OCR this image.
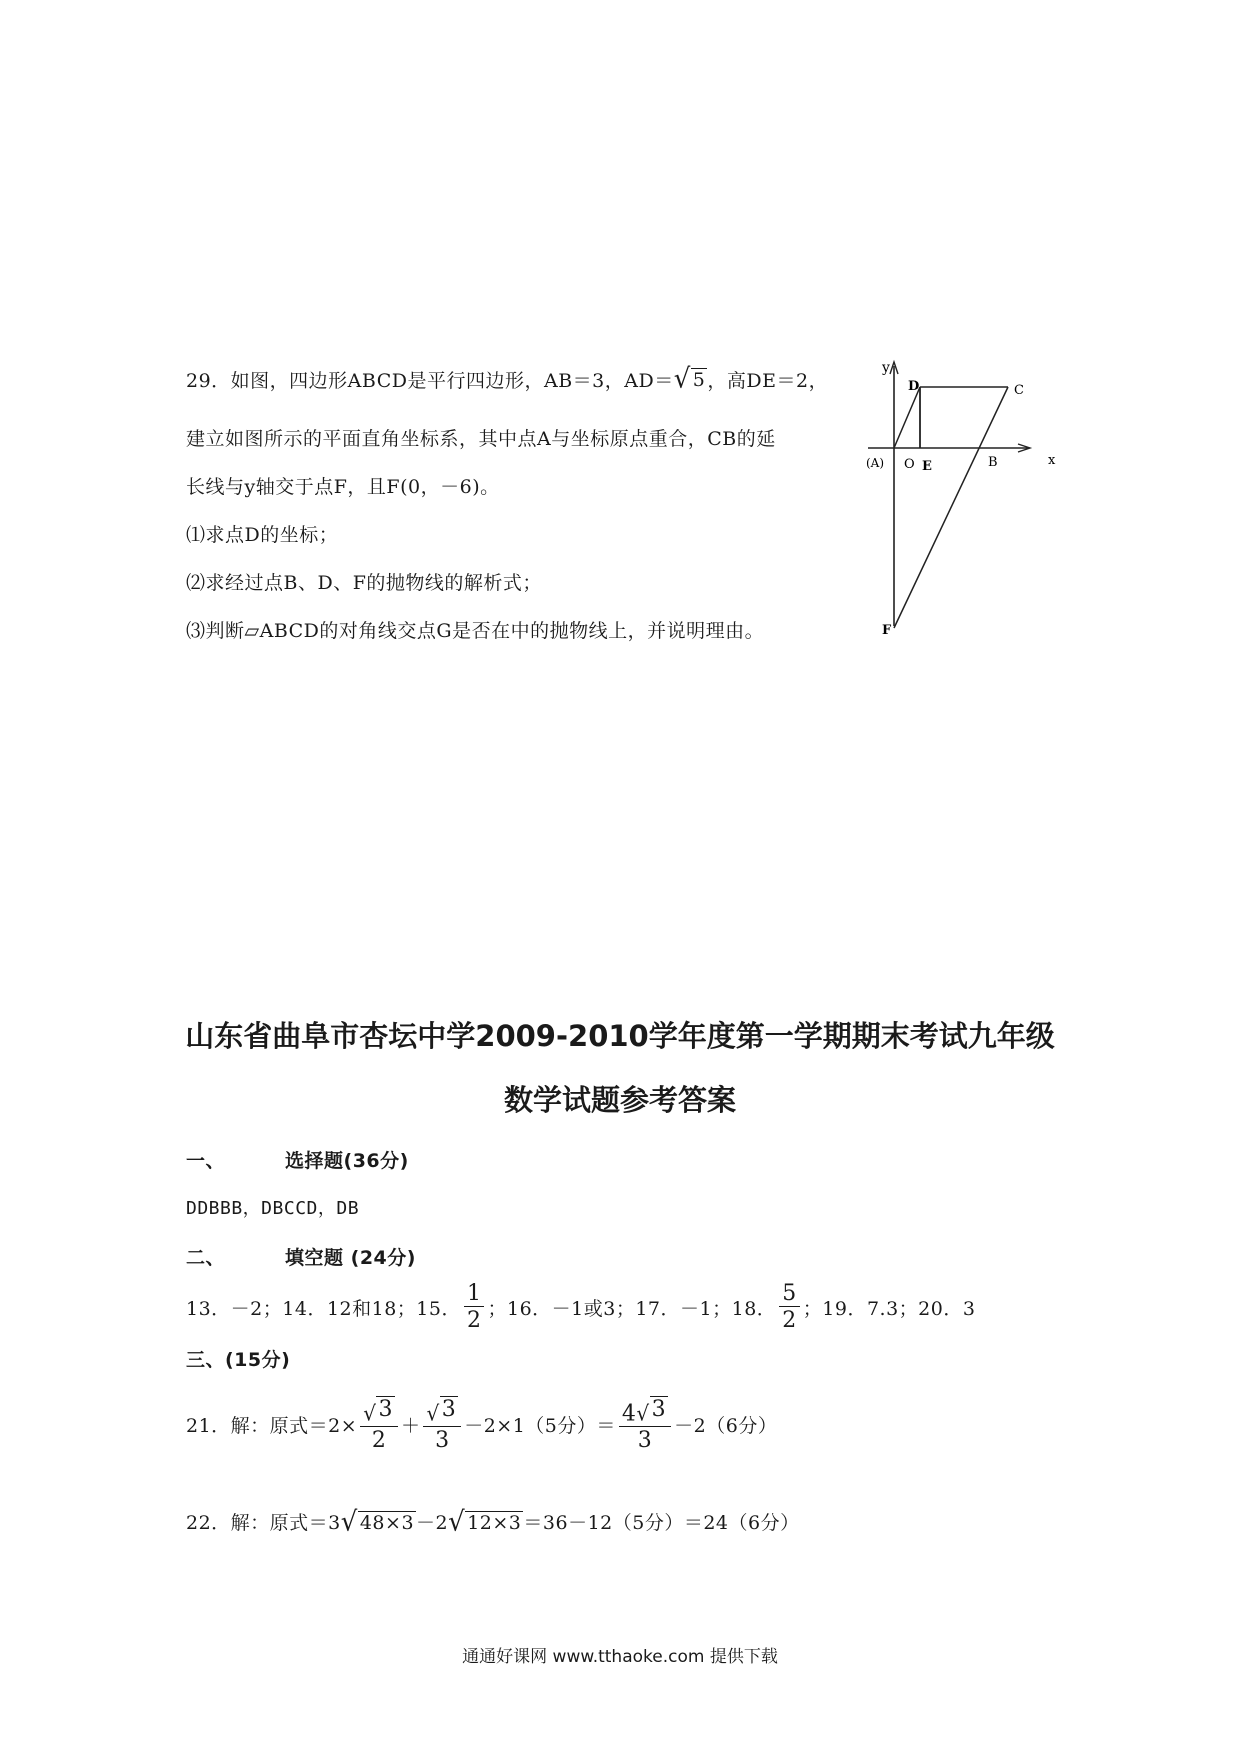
29．如图，四边形ABCD是平行四边形，AB＝3，AD＝ √ 5 ，高DE＝2，
建立如图所示的平面直角坐标系，其中点A与坐标原点重合，CB的延
长线与y轴交于点F，且F(0，－6)。
⑴求点D的坐标；
⑵求经过点B、D、F的抛物线的解析式；
⑶判断▱ABCD的对角线交点G是否在中的抛物线上，并说明理由。
y
x
D	C
(A) O E	B
F
山东省曲阜市杏坛中学2009-2010学年度第一学期期末考试九年级
数学试题参考答案
一、	选择题(36分)
DDBBB，DBCCD，DB
二、	填空题 (24分)
13．－2；14．12和18；15． $\frac{1}{2}$ ；16．－1或3；17．－1；18． $\frac{5}{2}$ ；19．7.3；20．3
三、(15分)
21．解：原式$=2\times \frac{√ 3}{2} + \frac{√ 3}{3} -2\times 1(5$分）＝ $\frac{4 √ 3}{3} -2(6$分）
22．解：原式＝3 √ 48×3 －2 √ 12×3 ＝36－12（5分）＝24（6分）
通通好课网 www.tthaoke.com 提供下载
